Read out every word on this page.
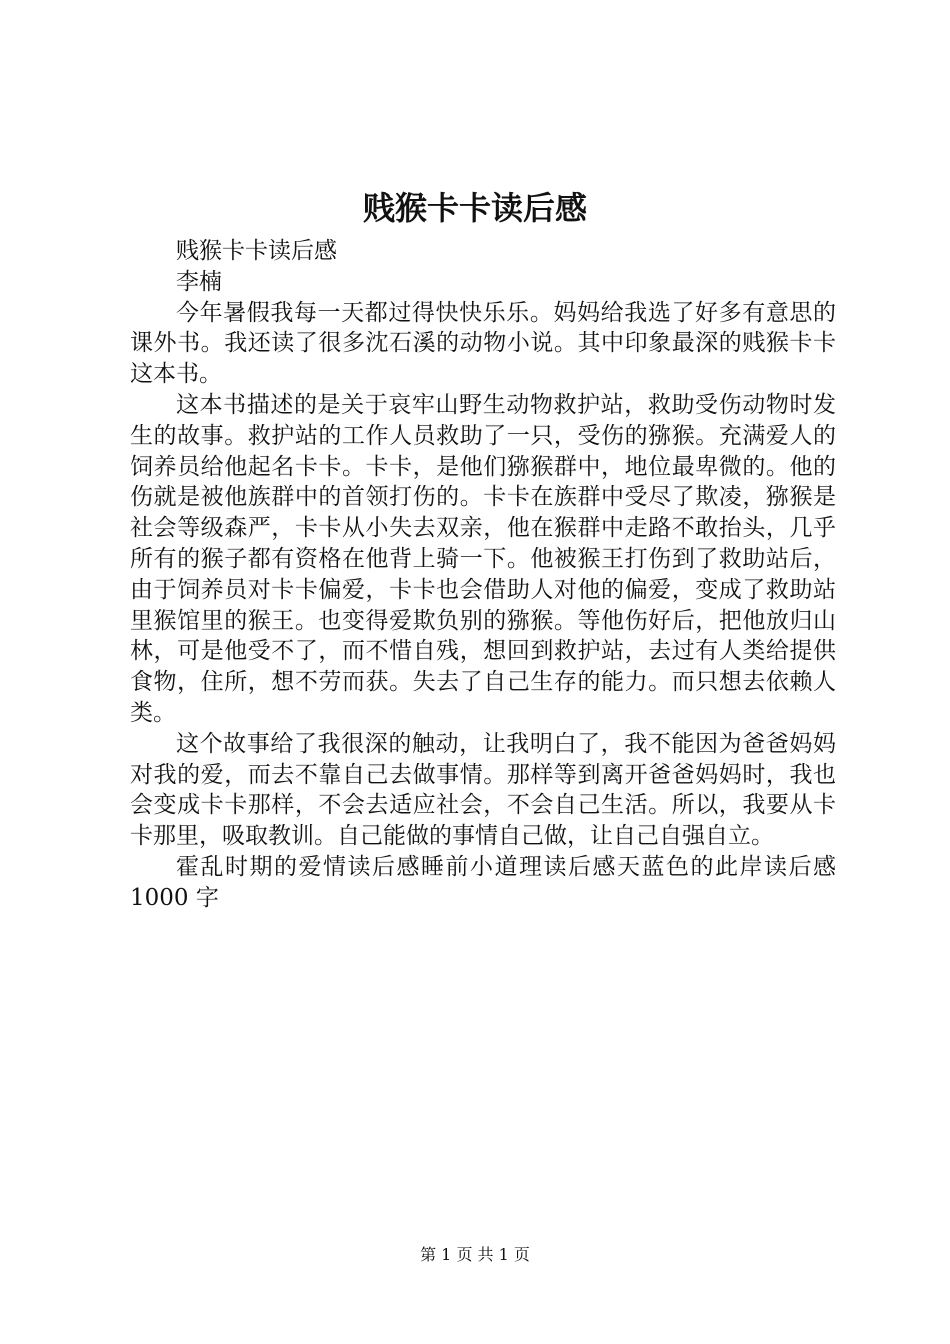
贱猴卡卡读后感

贱猴卡卡读后感

李楠

今年暑假我每一天都过得快快乐乐。妈妈给我选了好多有意思的课外书。我还读了很多沈石溪的动物小说。其中印象最深的贱猴卡卡这本书。

这本书描述的是关于哀牢山野生动物救护站，救助受伤动物时发生的故事。救护站的工作人员救助了一只，受伤的猕猴。充满爱人的饲养员给他起名卡卡。卡卡，是他们猕猴群中，地位最卑微的。他的伤就是被他族群中的首领打伤的。卡卡在族群中受尽了欺凌，猕猴是社会等级森严，卡卡从小失去双亲，他在猴群中走路不敢抬头，几乎所有的猴子都有资格在他背上骑一下。他被猴王打伤到了救助站后，由于饲养员对卡卡偏爱，卡卡也会借助人对他的偏爱，变成了救助站里猴馆里的猴王。也变得爱欺负别的猕猴。等他伤好后，把他放归山林，可是他受不了，而不惜自残，想回到救护站，去过有人类给提供食物，住所，想不劳而获。失去了自己生存的能力。而只想去依赖人类。

这个故事给了我很深的触动，让我明白了，我不能因为爸爸妈妈对我的爱，而去不靠自己去做事情。那样等到离开爸爸妈妈时，我也会变成卡卡那样，不会去适应社会，不会自己生活。所以，我要从卡卡那里，吸取教训。自己能做的事情自己做，让自己自强自立。

霍乱时期的爱情读后感睡前小道理读后感天蓝色的此岸读后感 1000 字

第 1 页 共 1 页
